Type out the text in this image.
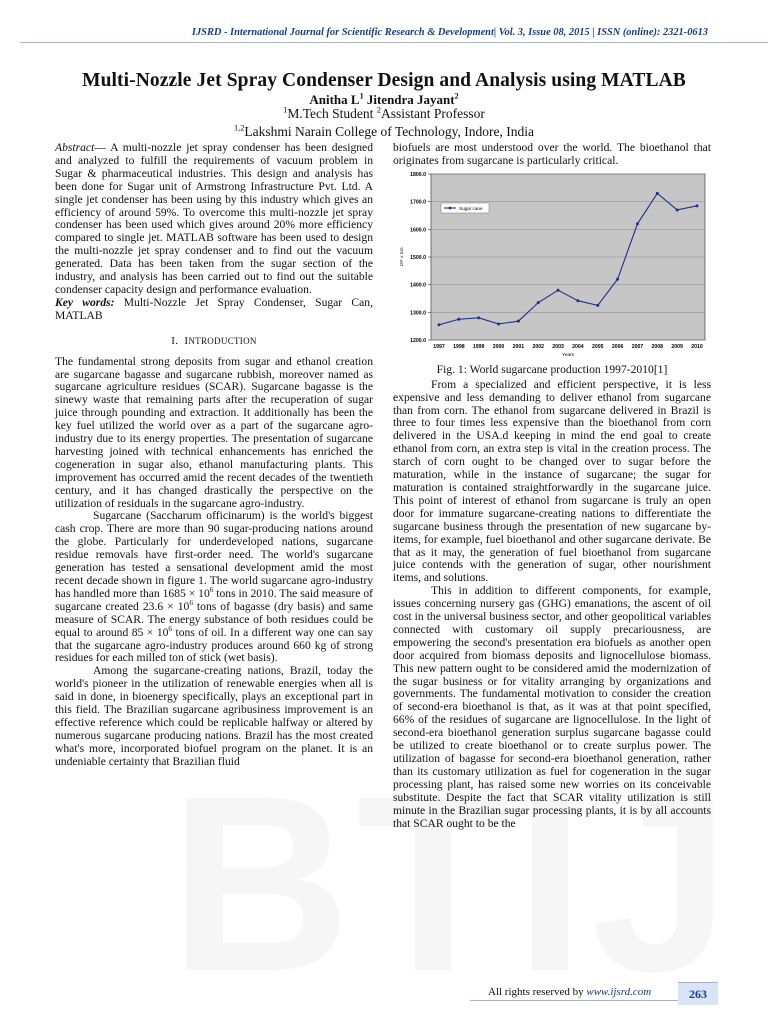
IJSRD - International Journal for Scientific Research & Development| Vol. 3, Issue 08, 2015 | ISSN (online): 2321-0613
Multi-Nozzle Jet Spray Condenser Design and Analysis using MATLAB
Anitha $L^1$ Jitendra Jayant$^2$
$^1$M.Tech Student $^2$Assistant Professor
$^{1,2}$Lakshmi Narain College of Technology, Indore, India

Abstract— A multi-nozzle jet spray condenser has been designed and analyzed to fulfill the requirements of vacuum problem in Sugar & pharmaceutical industries. This design and analysis has been done for Sugar unit of Armstrong Infrastructure Pvt. Ltd. A single jet condenser has been using by this industry which gives an efficiency of around 59%. To overcome this multi-nozzle jet spray condenser has been used which gives around 20% more efficiency compared to single jet. MATLAB software has been used to design the multi-nozzle jet spray condenser and to find out the vacuum generated. Data has been taken from the sugar section of the industry, and analysis has been carried out to find out the suitable condenser capacity design and performance evaluation.

Key words: Multi-Nozzle Jet Spray Condenser, Sugar Can, MATLAB

I. INTRODUCTION

The fundamental strong deposits from sugar and ethanol creation are sugarcane bagasse and sugarcane rubbish, moreover named as sugarcane agriculture residues (SCAR). Sugarcane bagasse is the sinewy waste that remaining parts after the recuperation of sugar juice through pounding and extraction. It additionally has been the key fuel utilized the world over as a part of the sugarcane agro-industry due to its energy properties. The presentation of sugarcane harvesting joined with technical enhancements has enriched the cogeneration in sugar also, ethanol manufacturing plants. This improvement has occurred amid the recent decades of the twentieth century, and it has changed drastically the perspective on the utilization of residuals in the sugarcane agro-industry.

Sugarcane (Saccharum officinarum) is the world's biggest cash crop. There are more than 90 sugar-producing nations around the globe. Particularly for underdeveloped nations, sugarcane residue removals have first-order need. The world's sugarcane generation has tested a sensational development amid the most recent decade shown in figure 1. The world sugarcane agro-industry has handled more than $1685 \times 10^6$ tons in 2010. The said measure of sugarcane created $23.6 \times 10^6$ tons of bagasse (dry basis) and same measure of SCAR. The energy substance of both residues could be equal to around $85 \times 10^6$ tons of oil. In a different way one can say that the sugarcane agro-industry produces around 660 kg of strong residues for each milled ton of stick (wet basis).

Among the sugarcane-creating nations, Brazil, today the world's pioneer in the utilization of renewable energies when all is said in done, in bioenergy specifically, plays an exceptional part in this field. The Brazilian sugarcane agribusiness improvement is an effective reference which could be replicable halfway or altered by numerous sugarcane producing nations. Brazil has the most created what's more, incorporated biofuel program on the planet. It is an undeniable certainty that Brazilian fluid

biofuels are most understood over the world. The bioethanol that originates from sugarcane is particularly critical.

1200.0
1300.0
1400.0
1500.0
1600.0
1700.0
1800.0
1997 1998 1999 2000 2001 2002 2003 2004 2005 2006 2007 2008 2009 2010
Years
10⁶ x ton
Sugar cane
Fig. 1: World sugarcane production 1997-2010[1]

From a specialized and efficient perspective, it is less expensive and less demanding to deliver ethanol from sugarcane than from corn. The ethanol from sugarcane delivered in Brazil is three to four times less expensive than the bioethanol from corn delivered in the USA.d keeping in mind the end goal to create ethanol from corn, an extra step is vital in the creation process. The starch of corn ought to be changed over to sugar before the maturation, while in the instance of sugarcane; the sugar for maturation is contained straightforwardly in the sugarcane juice. This point of interest of ethanol from sugarcane is truly an open door for immature sugarcane-creating nations to differentiate the sugarcane business through the presentation of new sugarcane by-items, for example, fuel bioethanol and other sugarcane derivate. Be that as it may, the generation of fuel bioethanol from sugarcane juice contends with the generation of sugar, other nourishment items, and solutions.

This in addition to different components, for example, issues concerning nursery gas (GHG) emanations, the ascent of oil cost in the universal business sector, and other geopolitical variables connected with customary oil supply precariousness, are empowering the second's presentation era biofuels as another open door acquired from biomass deposits and lignocellulose biomass. This new pattern ought to be considered amid the modernization of the sugar business or for vitality arranging by organizations and governments. The fundamental motivation to consider the creation of second-era bioethanol is that, as it was at that point specified, 66% of the residues of sugarcane are lignocellulose. In the light of second-era bioethanol generation surplus sugarcane bagasse could be utilized to create bioethanol or to create surplus power. The utilization of bagasse for second-era bioethanol generation, rather than its customary utilization as fuel for cogeneration in the sugar processing plant, has raised some new worries on its conceivable substitute. Despite the fact that SCAR vitality utilization is still minute in the Brazilian sugar processing plants, it is by all accounts that SCAR ought to be the

All rights reserved by www.ijsrd.com	263
